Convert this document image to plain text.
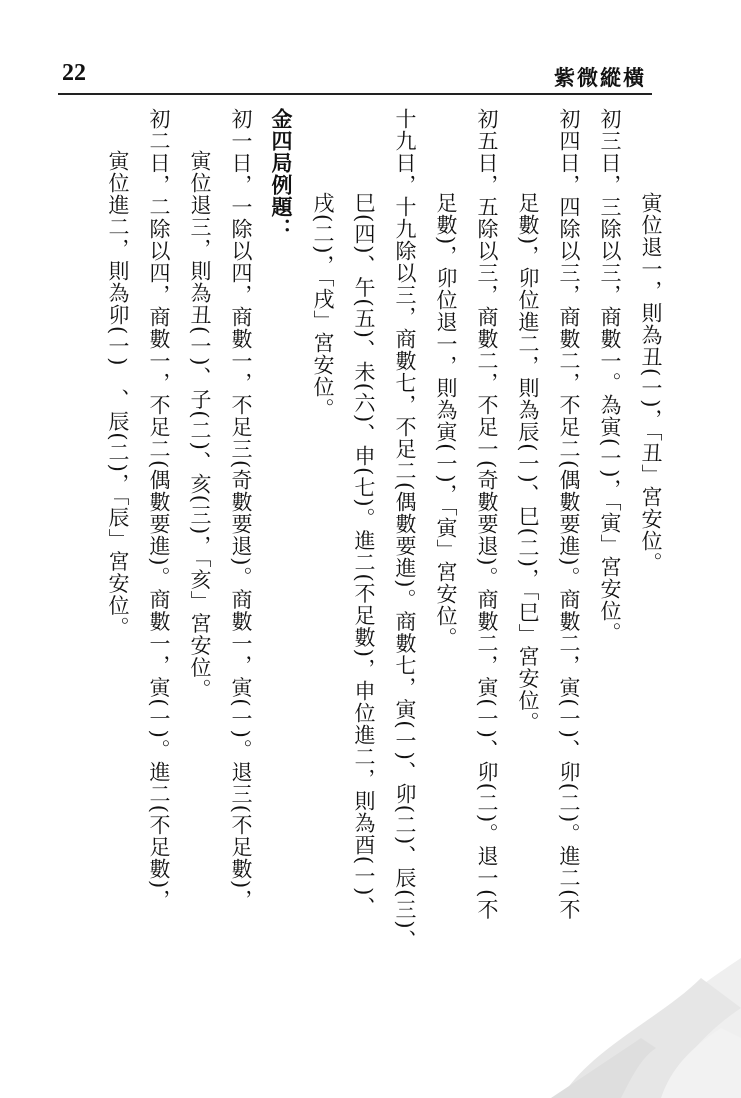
22	紫微縱橫
寅位退一，則為丑(一)，「丑」宮安位。
初三日，三除以三，商數一。為寅(一)，「寅」宮安位。
初四日，四除以三，商數二，不足二(偶數要進)。商數二，寅(一)、卯(二)。進二(不
足數)，卯位進二，則為辰(一)、巳(二)，「巳」宮安位。
初五日，五除以三，商數二，不足一(奇數要退)。商數二，寅(一)、卯(二)。退一(不
足數)，卯位退一，則為寅(一)，「寅」宮安位。
十九日，十九除以三，商數七，不足二(偶數要進)。商數七，寅(一)、卯(二)、辰(三)、
巳(四)、午(五)、未(六)、申(七)。進二(不足數)，申位進二，則為酉(一)、
戌(二)，「戌」宮安位。
金四局例題：
初一日，一除以四，商數一，不足三(奇數要退)。商數一，寅(一)。退三(不足數)，
寅位退三，則為丑(一)、子(二)、亥(三)，「亥」宮安位。
初二日，二除以四，商數一，不足二(偶數要進)。商數一，寅(一)。進二(不足數)，
寅位進二，則為卯(一)　、辰(二)，「辰」宮安位。
